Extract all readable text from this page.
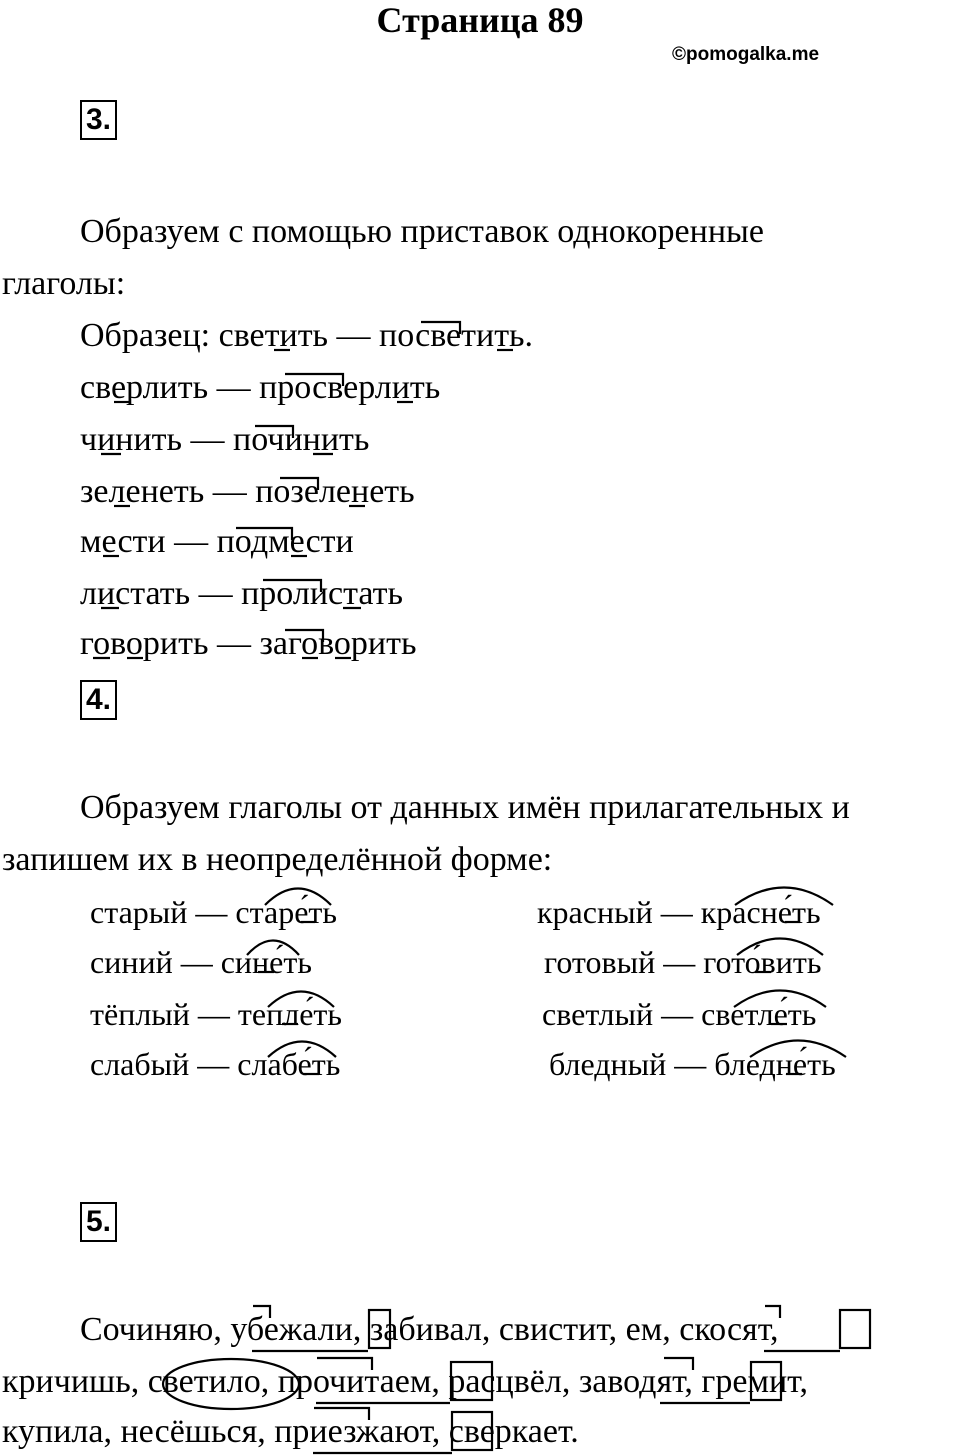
Страница 89
©pomogalka.me
3.
Образуем с помощью приставок однокоренные
глаголы:
Образец: светить — посветить.
сверлить — просверлить
чинить — починить
зеленеть — позеленеть
мести — подмести
листать — пролистать
говорить — заговорить
4.
Образуем глаголы от данных имён прилагательных и
запишем их в неопределённой форме:
старый — старе́ть
синий — сине́ть
тёплый — тепле́ть
слабый — слабе́ть
красный — красне́ть
готовый — гото́вить
светлый — светле́ть
бледный — бледне́ть
5.
Сочиняю, убежали, забивал, свистит, ем, скосят,
кричишь, светило, прочитаем, расцвёл, заводят, гремит,
купила, несёшься, приезжают, сверкает.
